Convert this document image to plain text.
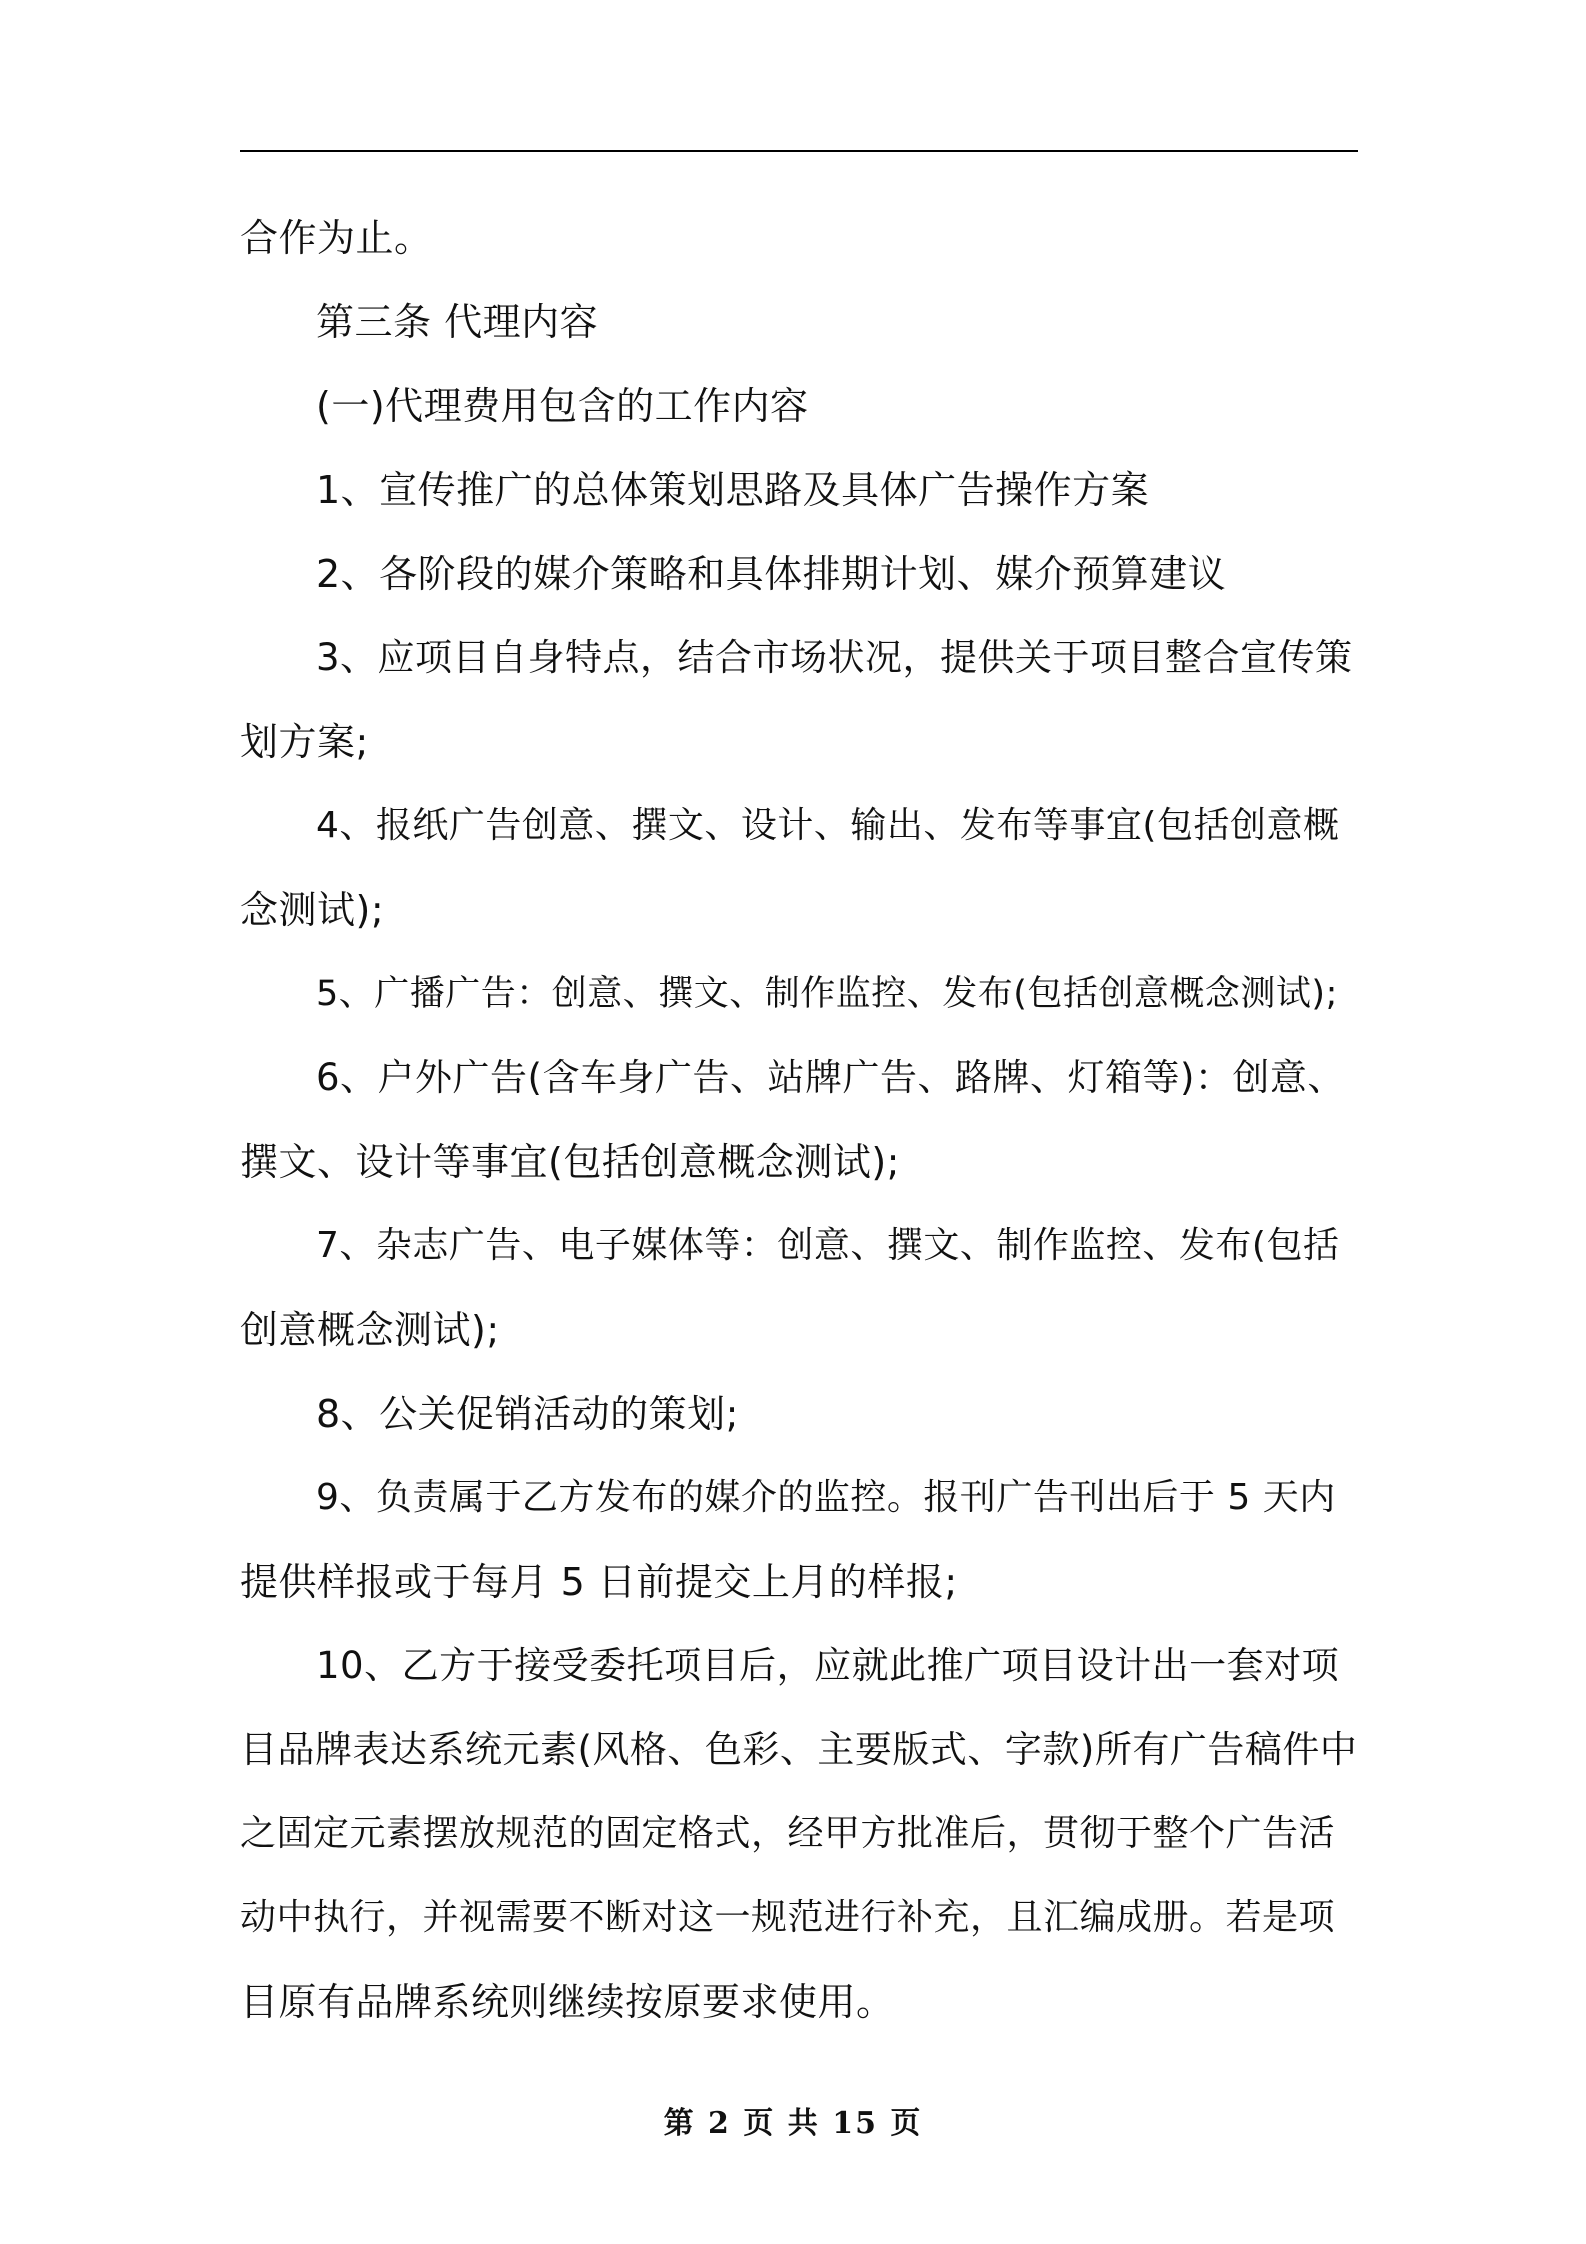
合作为止。
第三条 代理内容
(一)代理费用包含的工作内容
1、宣传推广的总体策划思路及具体广告操作方案
2、各阶段的媒介策略和具体排期计划、媒介预算建议
3、应项目自身特点，结合市场状况，提供关于项目整合宣传策
划方案;
4、报纸广告创意、撰文、设计、输出、发布等事宜(包括创意概
念测试);
5、广播广告：创意、撰文、制作监控、发布(包括创意概念测试);
6、户外广告(含车身广告、站牌广告、路牌、灯箱等)：创意、
撰文、设计等事宜(包括创意概念测试);
7、杂志广告、电子媒体等：创意、撰文、制作监控、发布(包括
创意概念测试);
8、公关促销活动的策划;
9、负责属于乙方发布的媒介的监控。报刊广告刊出后于 5 天内
提供样报或于每月 5 日前提交上月的样报;
10、乙方于接受委托项目后，应就此推广项目设计出一套对项
目品牌表达系统元素(风格、色彩、主要版式、字款)所有广告稿件中
之固定元素摆放规范的固定格式，经甲方批准后，贯彻于整个广告活
动中执行，并视需要不断对这一规范进行补充，且汇编成册。若是项
目原有品牌系统则继续按原要求使用。
第 2 页 共 15 页
